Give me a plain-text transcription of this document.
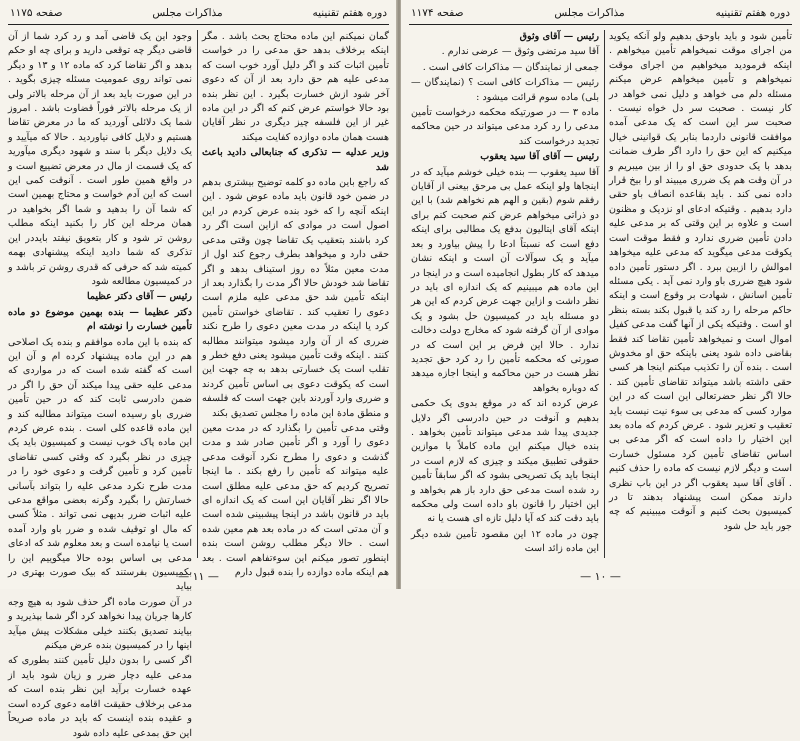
دوره هفتم تقنینیه
مذاکرات مجلس
صفحه ۱۱۷۵

گمان نمیکنم این ماده محتاج بحث باشد . مگر اینکه برخلاف بدهد حق مدعی را در خواست تأمین اثبات کند و اگر دلیل آورد خوب است که مدعی علیه هم حق دارد بعد از آن که دعوی آخر شود ازش خسارت بگیرد . این نظر بنده بود حالا خواستم عرض کنم که اگر در این ماده غیر از این فلسفه چیز دیگری در نظر آقایان هست همان ماده دوازده کفایت میکند

وزیر عدلیه — تذکری که جنابعالی دادید باعث شد

که راجع باین ماده دو کلمه توضیح بیشتری بدهم در ضمن خود قانون باید ماده عوض شود . این اینکه آنچه را که خود بنده عرض کردم در این اصول است در موادی که ازاین است اگر رد کرد باشند بتعقیب یک تقاضا چون وقتی مدعی حقی دارد و میخواهد بطرف رجوع کند اول از مدت معین مثلاً ده روز استیناف بدهد و اگر تقاضا شد خودش حالا اگر مدت را بگذارد بعد از اینکه تأمین شد حق مدعی علیه ملزم است دعوی را تعقیب کند . تقاضای خواستن تأمین کرد یا اینکه در مدت معین دعوی را طرح نکند ضرری که از آن وارد میشود میتوانند مطالبه کنند . اینکه وقت تأمین میشود یعنی دفع خطر و تقلب است یک خسارتی بدهد به چه جهت این است که یکوقت دعوی بی اساس تأمین کردند و ضرری وارد آوردند باین جهت است که فلسفه و منطق مادة این ماده را مجلس تصدیق بکند

وقتی مدعی تأمین را بگذارد که در مدت معین دعوی را آورد و اگر تأمین صادر شد و مدت گذشت و دعوی را مطرح نکرد آنوقت مدعی علیه میتواند که تأمین را رفع بکند . ما اینجا تصریح کردیم که حق مدعی علیه مطلق است حالا اگر نظر آقایان این است که یک اندازه ای باید در قانون باشد در اینجا پیشبینی شده است و آن مدتی است که در ماده بعد هم معین شده است . حالا دیگر مطلب روشن است بنده اینطور تصور میکنم این سوءتفاهم است . بعد هم اینکه ماده دوازده را بنده قبول دارم

وجود این یک قاضی آمد و رد کرد شما از آن قاضی دیگر چه توقعی دارید و برای چه او حکم بدهد و اگر تقاضا کرد که ماده ۱۲ و ۱۳ و دیگر نمی تواند روی عمومیت مسئله چیزی بگوید . در این صورت باید بعد از آن مرحله بالاتر ولی از یک مرحله بالاتر فوراً قضاوت باشد . امروز شما یک دلائلی آوردید که ما در معرض تقاضا هستیم و دلایل کافی نیاوردید . حالا که میآیید و یک دلایل دیگر با سند و شهود دیگری میآورید که یک قسمت از مال در معرض تضییع است و در واقع همین طور است . آنوقت کمی این است که این آدم خواست و محتاج بهمین است که شما آن را بدهید و شما اگر بخواهید در همان مرحله این کار را بکنید اینکه مطلب روشن تر شود و کار بتعویق نیفتد بایددر این تذکری که شما دادید اینکه پیشنهادی بهمه کمیته شد که حرفی که قدری روشن تر باشد و در کمیسیون مطالعه شود

رئیس — آقای دکتر عظیما

دکتر عظیما — بنده بهمین موضوع دو ماده تأمین خسارت را نوشته ام

که بنده با این ماده موافقم و بنده یک اصلاحی هم در این ماده پیشنهاد کرده ام و آن این است که گفته شده است که در مواردی که مدعی علیه حقی پیدا میکند آن حق را اگر در ضمن دادرسی ثابت کند که در حین تأمین ضرری باو رسیده است میتواند مطالبه کند و این ماده قاعده کلی است . بنده عرض کردم این ماده پاک خوب نیست و کمیسیون باید یک چیزی در نظر بگیرد که وقتی کسی تقاضای تأمین کرد و تأمین گرفت و دعوی خود را در مدت طرح نکرد مدعی علیه را بتواند بآسانی خسارتش را بگیرد وگرنه بعضی مواقع مدعی علیه اثبات ضرر بدیهی نمی تواند . مثلاً کسی که مال او توقیف شده و ضرر باو وارد آمده است یا نیامده است و بعد معلوم شد که ادعای مدعی بی اساس بوده حالا میگوییم این را بکمیسیون بفرستند که بیک صورت بهتری در بیاید

در آن صورت ماده اگر حذف شود به هیچ وجه کارها جریان پیدا نخواهد کرد اگر شما بپذیرید و بیایند تصدیق بکنند خیلی مشکلات پیش میآید اینها را در کمیسیون بنده عرض میکنم

اگر کسی را بدون دلیل تأمین کنند بطوری که مدعی علیه دچار ضرر و زیان شود باید از عهده خسارت برآید این نظر بنده است که مدعی برخلاف حقیقت اقامه دعوی کرده است و عقیده بنده اینست که باید در ماده صریحاً این حق بمدعی علیه داده شود

— ۱۱ —
دوره هفتم تقنینیه
مذاکرات مجلس
صفحه ۱۱۷۴

تأمین شود و باید باوحق بدهیم ولو آنکه یکوید من اجرای موقت نمیخواهم تأمین میخواهم . اینکه فرمودید میخواهیم من اجرای موقت نمیخواهم و تأمین میخواهم عرض میکنم مسئله دلم می خواهد و دلیل نمی خواهد در کار نیست . صحبت سر دل خواه نیست . صحبت سر این است که یک مدعی آمده موافقت قانونی داردما بنابر یک قوانینی خیال میکنیم که این حق را دارد اگر طرف ضمانت بدهد با یک حدودی حق او را از بین میبریم و در آن وقت هم یک ضرری میبیند او را بیخ قرار داده نمی کند . باید بقاعده انصاف باو حقی دارد بدهیم . وقتیکه ادعای او نزدیک و مظنون است و علاوه بر این وقتی که بر مدعی علیه دادن تأمین ضرری ندارد و فقط موقت است یکوقت مدعی میگوید که مدعی علیه میخواهد اموالش را ازبین ببرد . اگر دستور تأمین داده شود هیچ ضرری باو وارد نمی آید . یکی مسئله تأمین اسانش ، شهادت بر وقوع است و اینکه حاکم مرحله را رد کند یا قبول بکند بسته بنظر او است . وقتیکه یکی از آنها گفت مدعی کفیل اموال است و نمیخواهد تأمین تقاضا کند فقط بقاضی داده شود یعنی باینکه حق او مخدوش است . بنده آن را تکذیب میکنم اینجا هر کسی حقی داشته باشد میتواند تقاضای تأمین کند . حالا اگر نظر حضرتعالی این است که در این موارد کسی که مدعی بی سوء نیت نیست باید تعقیب و تعزیر شود . عرض کردم که ماده بعد این اختیار را داده است که اگر مدعی بی اساس تقاضای تأمین کرد مسئول خسارت است و دیگر لازم نیست که ماده را حذف کنیم . آقای آقا سید یعقوب اگر در این باب نظری دارند ممکن است پیشنهاد بدهند تا در کمیسیون بحث کنیم و آنوقت میبینیم که چه جور باید حل شود

رئیس — آقای وثوق

آقا سید مرتضی وثوق — عرضی ندارم .

جمعی از نمایندگان — مذاکرات کافی است .

رئیس — مذاکرات کافی است ؟ (نمایندگان — بلی) ماده سوم قرائت میشود :

ماده ۳ — در صورتیکه محکمه درخواست تأمین مدعی را رد کرد مدعی میتواند در حین محاکمه تجدید درخواست کند

رئیس — آقای آقا سید یعقوب

آقا سید یعقوب — بنده خیلی خوشم میآید که در اینجاها ولو اینکه عمل بی مرحق بیعنی از آقایان رفقم شوم (بقین و الهم هم نخواهم شد) با این دو ذراتی میخواهم عرض کنم صحبت کنم برای اینکه آقای ایتالیون بدفع یک مطالبی برای اینکه دفع است که نسبتاً ادعا را پیش بیاورد و بعد میآید و یک سوآلات آن است و اینکه نشان میدهد که کار بطول انجامیده است و در اینجا در این ماده هم میبینیم که یک اندازه ای باید در نظر داشت و ازاین جهت عرض کردم که این هر دو مسئله باید در کمیسیون حل بشود و یک موادی از آن گرفته شود که مخارج دولت دخالت ندارد . حالا این فرض بر این است که در صورتی که محکمه تأمین را رد کرد حق تجدید نظر هست در حین محاکمه و اینجا اجازه میدهد که دوباره بخواهد

عرض کرده اند که در موقع بدوی یک حکمی بدهیم و آنوقت در حین دادرسی اگر دلایل جدیدی پیدا شد مدعی میتواند تأمین بخواهد . بنده خیال میکنم این ماده کاملاً با موازین حقوقی تطبیق میکند و چیزی که لازم است در اینجا باید یک تصریحی بشود که اگر سابقاً تأمین رد شده است مدعی حق دارد باز هم بخواهد و این اختیار را قانون باو داده است ولی محکمه باید دقت کند که آیا دلیل تازه ای هست یا نه

چون در ماده ۱۲ این مقصود تأمین شده دیگر این ماده زائد است

— ۱۰ —
